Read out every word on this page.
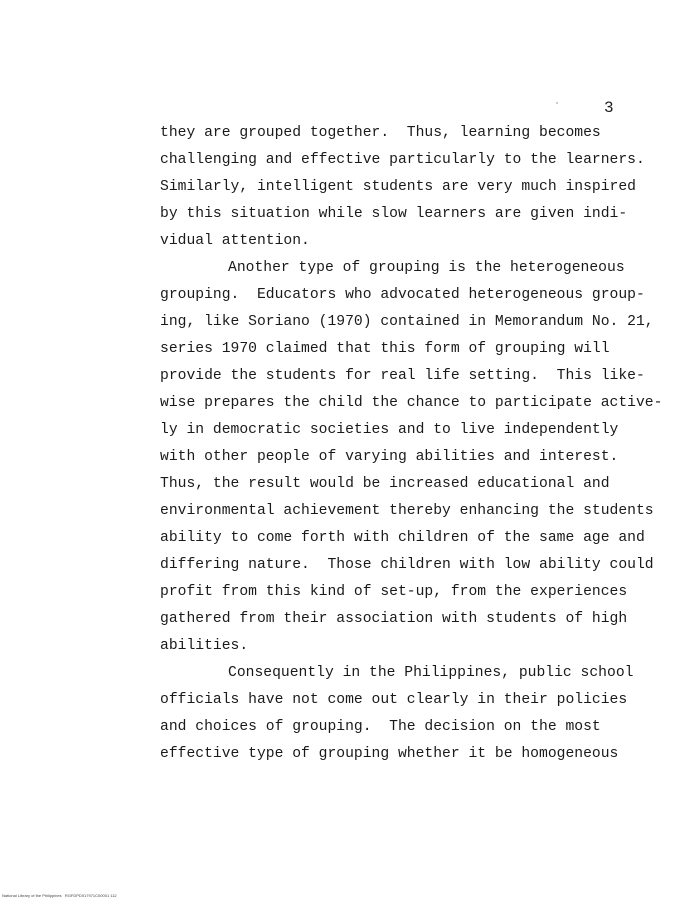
3
they are grouped together.  Thus, learning becomes
challenging and effective particularly to the learners.
Similarly, intelligent students are very much inspired
by this situation while slow learners are given indi-
vidual attention.
Another type of grouping is the heterogeneous
grouping.  Educators who advocated heterogeneous group-
ing, like Soriano (1970) contained in Memorandum No. 21,
series 1970 claimed that this form of grouping will
provide the students for real life setting.  This like-
wise prepares the child the chance to participate active-
ly in democratic societies and to live independently
with other people of varying abilities and interest.
Thus, the result would be increased educational and
environmental achievement thereby enhancing the students
ability to come forth with children of the same age and
differing nature.  Those children with low ability could
profit from this kind of set-up, from the experiences
gathered from their association with students of high
abilities.
Consequently in the Philippines, public school
officials have not come out clearly in their policies
and choices of grouping.  The decision on the most
effective type of grouping whether it be homogeneous
National Library of the Philippines   RGFDPD017971C00001 112
